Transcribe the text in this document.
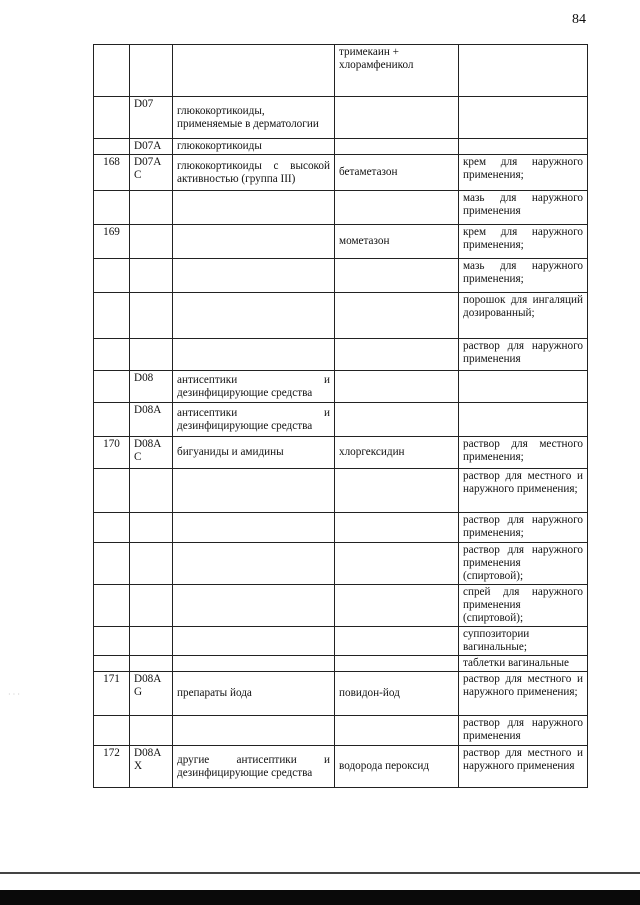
84
			тримекаин + хлорамфеникол	
	D07	глюкокортикоиды, применяемые в дерматологии		
	D07A	глюкокортикоиды		
168	D07A C	глюкокортикоиды с высокой активностью (группа III)	бетаметазон	крем для наружного применения;
				мазь для наружного применения
169			мометазон	крем для наружного применения;
				мазь для наружного применения;
				порошок для ингаляций дозированный;
				раствор для наружного применения
	D08	антисептики и дезинфицирующие средства		
	D08A	антисептики и дезинфицирующие средства		
170	D08A C	бигуаниды и амидины	хлоргексидин	раствор для местного применения;
				раствор для местного и наружного применения;
				раствор для наружного применения;
				раствор для наружного применения (спиртовой);
				спрей для наружного применения (спиртовой);
				суппозитории вагинальные;
				таблетки вагинальные
171	D08A G	препараты йода	повидон-йод	раствор для местного и наружного применения;
				раствор для наружного применения
172	D08A X	другие антисептики и дезинфицирующие средства	водорода пероксид	раствор для местного и наружного применения
· · ·
